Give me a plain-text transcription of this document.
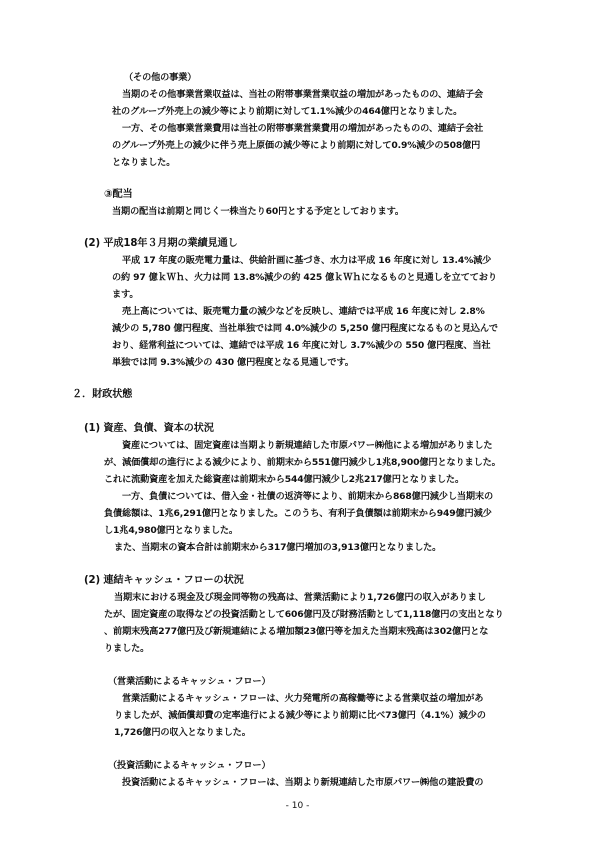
（その他の事業）
当期のその他事業営業収益は、当社の附帯事業営業収益の増加があったものの、連結子会
社のグループ外売上の減少等により前期に対して1.1%減少の464億円となりました。
一方、その他事業営業費用は当社の附帯事業営業費用の増加があったものの、連結子会社
のグループ外売上の減少に伴う売上原価の減少等により前期に対して0.9%減少の508億円
となりました。
③配当
当期の配当は前期と同じく一株当たり60円とする予定としております。
(2) 平成18年３月期の業績見通し
平成 17 年度の販売電力量は、供給計画に基づき、水力は平成 16 年度に対し 13.4%減少
の約 97 億ｋＷｈ、火力は同 13.8%減少の約 425 億ｋＷｈになるものと見通しを立てており
ます。
売上高については、販売電力量の減少などを反映し、連結では平成 16 年度に対し 2.8%
減少の 5,780 億円程度、当社単独では同 4.0%減少の 5,250 億円程度になるものと見込んで
おり、経常利益については、連結では平成 16 年度に対し 3.7%減少の 550 億円程度、当社
単独では同 9.3%減少の 430 億円程度となる見通しです。
２．財政状態
(1) 資産、負債、資本の状況
資産については、固定資産は当期より新規連結した市原パワー㈱他による増加がありました
が、減価償却の進行による減少により、前期末から551億円減少し1兆8,900億円となりました。
これに流動資産を加えた総資産は前期末から544億円減少し2兆217億円となりました。
一方、負債については、借入金・社債の返済等により、前期末から868億円減少し当期末の
負債総額は、1兆6,291億円となりました。このうち、有利子負債額は前期末から949億円減少
し1兆4,980億円となりました。
また、当期末の資本合計は前期末から317億円増加の3,913億円となりました。
(2) 連結キャッシュ・フローの状況
当期末における現金及び現金同等物の残高は、営業活動により1,726億円の収入がありまし
たが、固定資産の取得などの投資活動として606億円及び財務活動として1,118億円の支出となり
、前期末残高277億円及び新規連結による増加額23億円等を加えた当期末残高は302億円とな
りました。
（営業活動によるキャッシュ・フロー）
営業活動によるキャッシュ・フローは、火力発電所の高稼働等による営業収益の増加があ
りましたが、減価償却費の定率進行による減少等により前期に比べ73億円（4.1%）減少の
1,726億円の収入となりました。
（投資活動によるキャッシュ・フロー）
投資活動によるキャッシュ・フローは、当期より新規連結した市原パワー㈱他の建設費の
- 10 -
